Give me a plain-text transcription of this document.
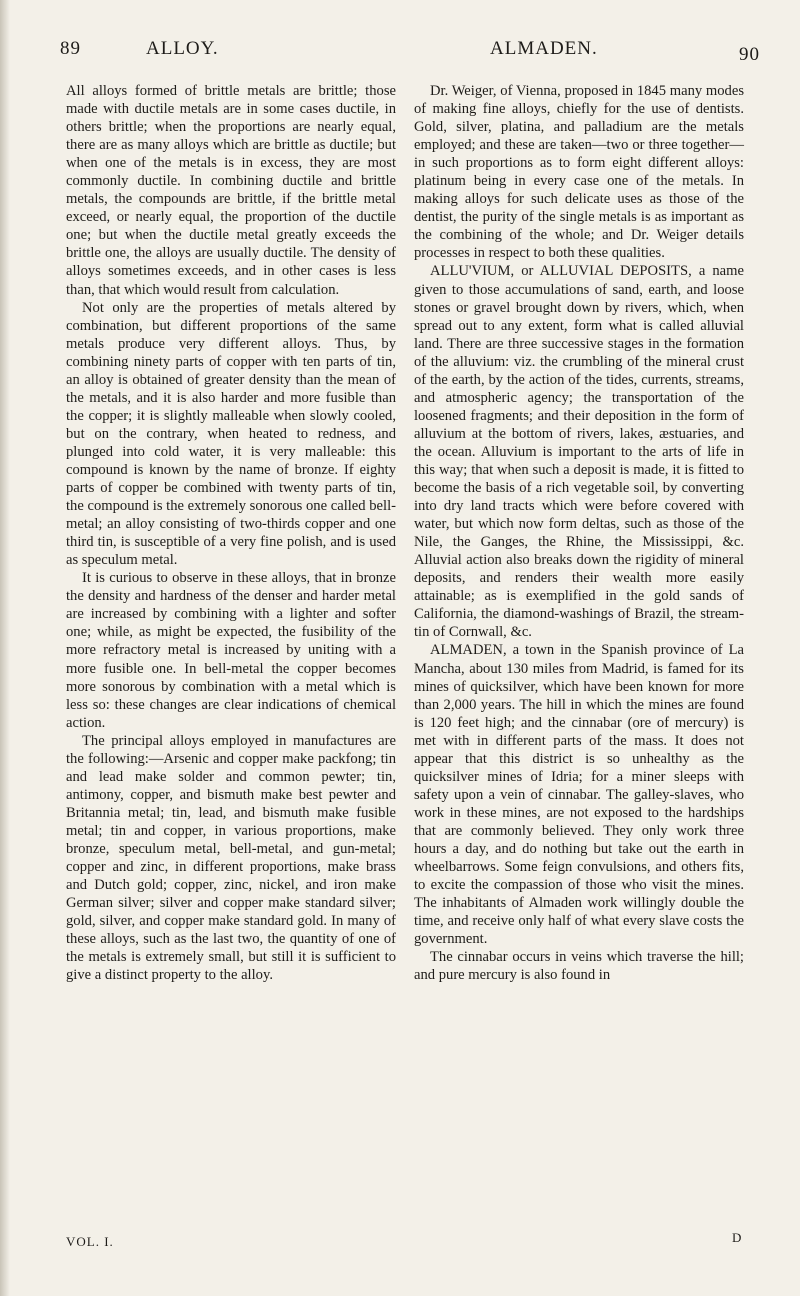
89	ALLOY.	ALMADEN.	90

All alloys formed of brittle metals are brittle; those made with ductile metals are in some cases ductile, in others brittle; when the proportions are nearly equal, there are as many alloys which are brittle as ductile; but when one of the metals is in excess, they are most commonly ductile. In combining ductile and brittle metals, the compounds are brittle, if the brittle metal exceed, or nearly equal, the proportion of the ductile one; but when the ductile metal greatly exceeds the brittle one, the alloys are usually ductile. The density of alloys sometimes exceeds, and in other cases is less than, that which would result from calculation.

Not only are the properties of metals altered by combination, but different proportions of the same metals produce very different alloys. Thus, by combining ninety parts of copper with ten parts of tin, an alloy is obtained of greater density than the mean of the metals, and it is also harder and more fusible than the copper; it is slightly malleable when slowly cooled, but on the contrary, when heated to redness, and plunged into cold water, it is very malleable: this compound is known by the name of bronze. If eighty parts of copper be combined with twenty parts of tin, the compound is the extremely sonorous one called bell-metal; an alloy consisting of two-thirds copper and one third tin, is susceptible of a very fine polish, and is used as speculum metal.

It is curious to observe in these alloys, that in bronze the density and hardness of the denser and harder metal are increased by combining with a lighter and softer one; while, as might be expected, the fusibility of the more refractory metal is increased by uniting with a more fusible one. In bell-metal the copper becomes more sonorous by combination with a metal which is less so: these changes are clear indications of chemical action.

The principal alloys employed in manufactures are the following:—Arsenic and copper make packfong; tin and lead make solder and common pewter; tin, antimony, copper, and bismuth make best pewter and Britannia metal; tin, lead, and bismuth make fusible metal; tin and copper, in various proportions, make bronze, speculum metal, bell-metal, and gun-metal; copper and zinc, in different proportions, make brass and Dutch gold; copper, zinc, nickel, and iron make German silver; silver and copper make standard silver; gold, silver, and copper make standard gold. In many of these alloys, such as the last two, the quantity of one of the metals is extremely small, but still it is sufficient to give a distinct property to the alloy.

VOL. I.

Dr. Weiger, of Vienna, proposed in 1845 many modes of making fine alloys, chiefly for the use of dentists. Gold, silver, platina, and palladium are the metals employed; and these are taken—two or three together—in such proportions as to form eight different alloys: platinum being in every case one of the metals. In making alloys for such delicate uses as those of the dentist, the purity of the single metals is as important as the combining of the whole; and Dr. Weiger details processes in respect to both these qualities.

ALLU'VIUM, or ALLUVIAL DEPOSITS, a name given to those accumulations of sand, earth, and loose stones or gravel brought down by rivers, which, when spread out to any extent, form what is called alluvial land. There are three successive stages in the formation of the alluvium: viz. the crumbling of the mineral crust of the earth, by the action of the tides, currents, streams, and atmospheric agency; the transportation of the loosened fragments; and their deposition in the form of alluvium at the bottom of rivers, lakes, æstuaries, and the ocean. Alluvium is important to the arts of life in this way; that when such a deposit is made, it is fitted to become the basis of a rich vegetable soil, by converting into dry land tracts which were before covered with water, but which now form deltas, such as those of the Nile, the Ganges, the Rhine, the Mississippi, &c. Alluvial action also breaks down the rigidity of mineral deposits, and renders their wealth more easily attainable; as is exemplified in the gold sands of California, the diamond-washings of Brazil, the stream-tin of Cornwall, &c.

ALMADEN, a town in the Spanish province of La Mancha, about 130 miles from Madrid, is famed for its mines of quicksilver, which have been known for more than 2,000 years. The hill in which the mines are found is 120 feet high; and the cinnabar (ore of mercury) is met with in different parts of the mass. It does not appear that this district is so unhealthy as the quicksilver mines of Idria; for a miner sleeps with safety upon a vein of cinnabar. The galley-slaves, who work in these mines, are not exposed to the hardships that are commonly believed. They only work three hours a day, and do nothing but take out the earth in wheelbarrows. Some feign convulsions, and others fits, to excite the compassion of those who visit the mines. The inhabitants of Almaden work willingly double the time, and receive only half of what every slave costs the government.

The cinnabar occurs in veins which traverse the hill; and pure mercury is also found in

D
